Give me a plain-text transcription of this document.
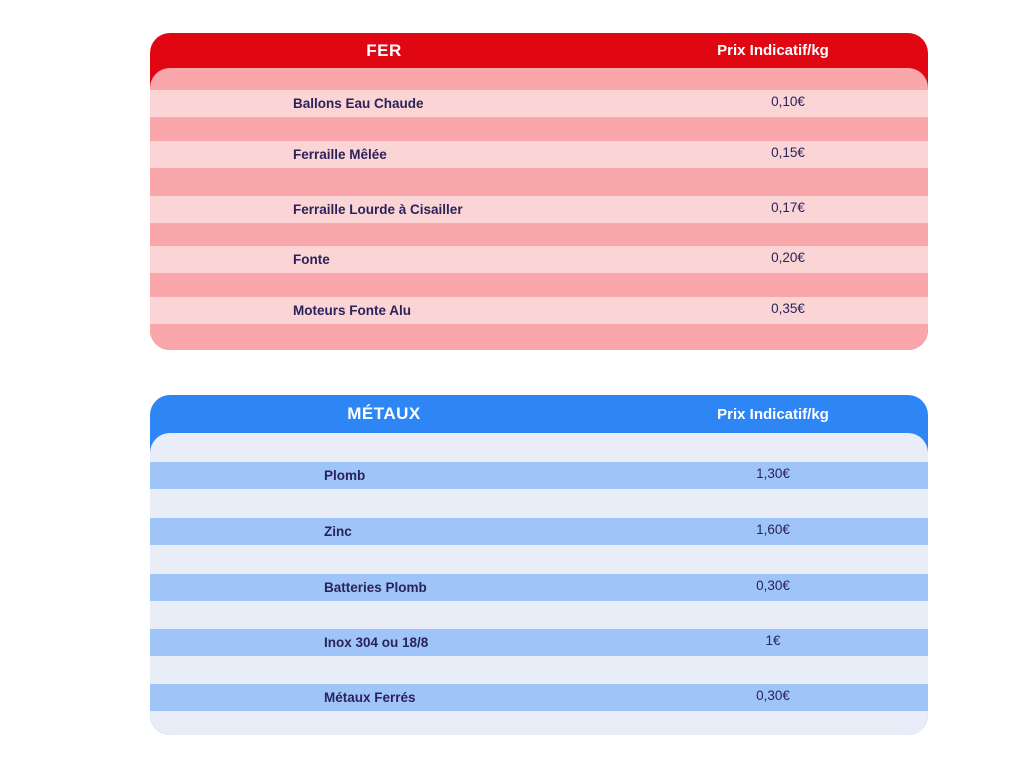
FER	Prix Indicatif/kg
Ballons Eau Chaude	0,10€
Ferraille Mêlée	0,15€
Ferraille Lourde à Cisailler	0,17€
Fonte	0,20€
Moteurs Fonte Alu	0,35€
MÉTAUX	Prix Indicatif/kg
Plomb	1,30€
Zinc	1,60€
Batteries Plomb	0,30€
Inox 304 ou 18/8	1€
Métaux Ferrés	0,30€
